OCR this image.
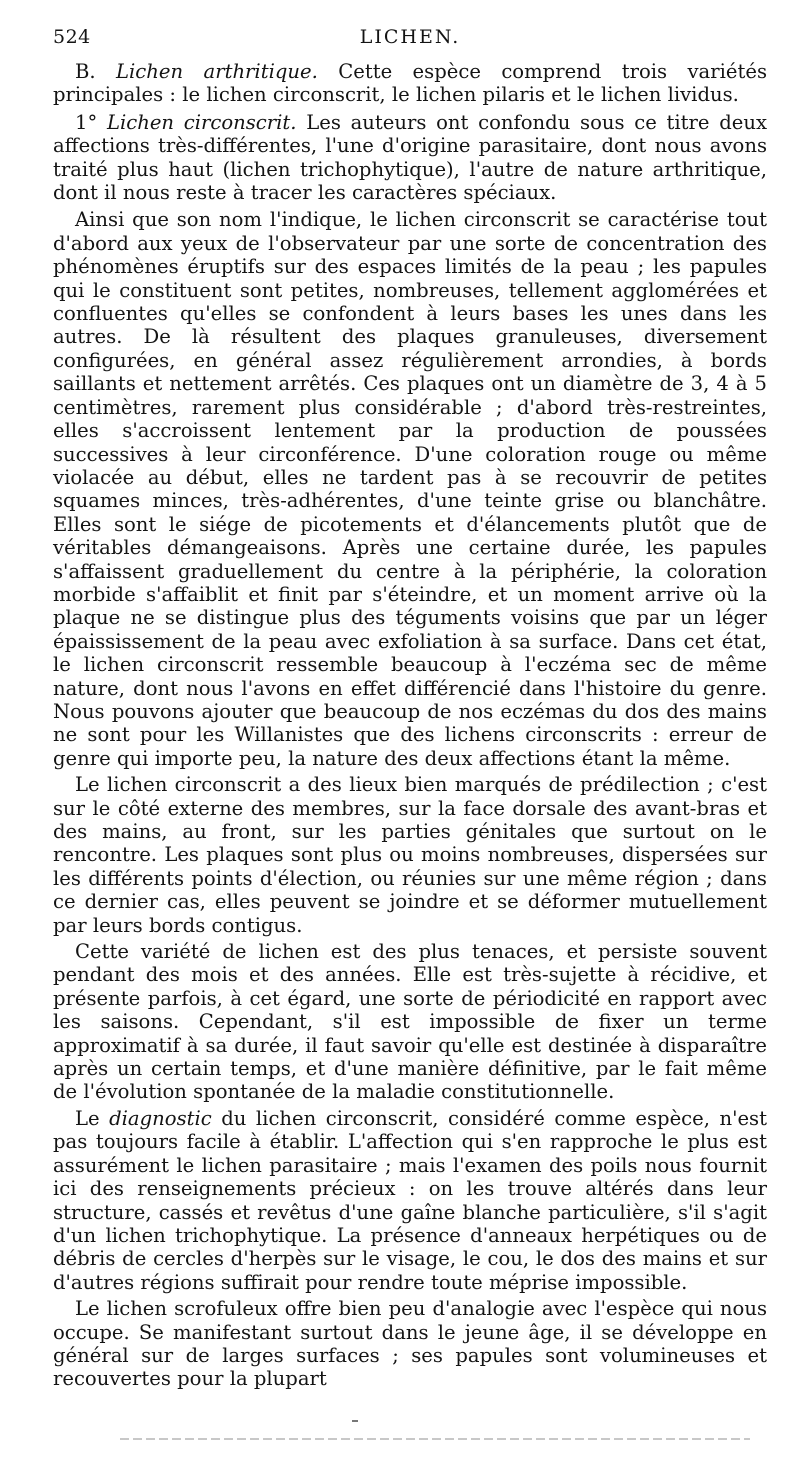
524	LICHEN.

B. Lichen arthritique. Cette espèce comprend trois variétés principales : le lichen circonscrit, le lichen pilaris et le lichen lividus.

1° Lichen circonscrit. Les auteurs ont confondu sous ce titre deux affections très-différentes, l'une d'origine parasitaire, dont nous avons traité plus haut (lichen trichophytique), l'autre de nature arthritique, dont il nous reste à tracer les caractères spéciaux.

Ainsi que son nom l'indique, le lichen circonscrit se caractérise tout d'abord aux yeux de l'observateur par une sorte de concentration des phénomènes éruptifs sur des espaces limités de la peau ; les papules qui le constituent sont petites, nombreuses, tellement agglomérées et confluentes qu'elles se confondent à leurs bases les unes dans les autres. De là résultent des plaques granuleuses, diversement configurées, en général assez régulièrement arrondies, à bords saillants et nettement arrêtés. Ces plaques ont un diamètre de 3, 4 à 5 centimètres, rarement plus considérable ; d'abord très-restreintes, elles s'accroissent lentement par la production de poussées successives à leur circonférence. D'une coloration rouge ou même violacée au début, elles ne tardent pas à se recouvrir de petites squames minces, très-adhérentes, d'une teinte grise ou blanchâtre. Elles sont le siége de picotements et d'élancements plutôt que de véritables démangeaisons. Après une certaine durée, les papules s'affaissent graduellement du centre à la périphérie, la coloration morbide s'affaiblit et finit par s'éteindre, et un moment arrive où la plaque ne se distingue plus des téguments voisins que par un léger épaississement de la peau avec exfoliation à sa surface. Dans cet état, le lichen circonscrit ressemble beaucoup à l'eczéma sec de même nature, dont nous l'avons en effet différencié dans l'histoire du genre. Nous pouvons ajouter que beaucoup de nos eczémas du dos des mains ne sont pour les Willanistes que des lichens circonscrits : erreur de genre qui importe peu, la nature des deux affections étant la même.

Le lichen circonscrit a des lieux bien marqués de prédilection ; c'est sur le côté externe des membres, sur la face dorsale des avant-bras et des mains, au front, sur les parties génitales que surtout on le rencontre. Les plaques sont plus ou moins nombreuses, dispersées sur les différents points d'élection, ou réunies sur une même région ; dans ce dernier cas, elles peuvent se joindre et se déformer mutuellement par leurs bords contigus.

Cette variété de lichen est des plus tenaces, et persiste souvent pendant des mois et des années. Elle est très-sujette à récidive, et présente parfois, à cet égard, une sorte de périodicité en rapport avec les saisons. Cependant, s'il est impossible de fixer un terme approximatif à sa durée, il faut savoir qu'elle est destinée à disparaître après un certain temps, et d'une manière définitive, par le fait même de l'évolution spontanée de la maladie constitutionnelle.

Le diagnostic du lichen circonscrit, considéré comme espèce, n'est pas toujours facile à établir. L'affection qui s'en rapproche le plus est assurément le lichen parasitaire ; mais l'examen des poils nous fournit ici des renseignements précieux : on les trouve altérés dans leur structure, cassés et revêtus d'une gaîne blanche particulière, s'il s'agit d'un lichen trichophytique. La présence d'anneaux herpétiques ou de débris de cercles d'herpès sur le visage, le cou, le dos des mains et sur d'autres régions suffirait pour rendre toute méprise impossible.

Le lichen scrofuleux offre bien peu d'analogie avec l'espèce qui nous occupe. Se manifestant surtout dans le jeune âge, il se développe en général sur de larges surfaces ; ses papules sont volumineuses et recouvertes pour la plupart
